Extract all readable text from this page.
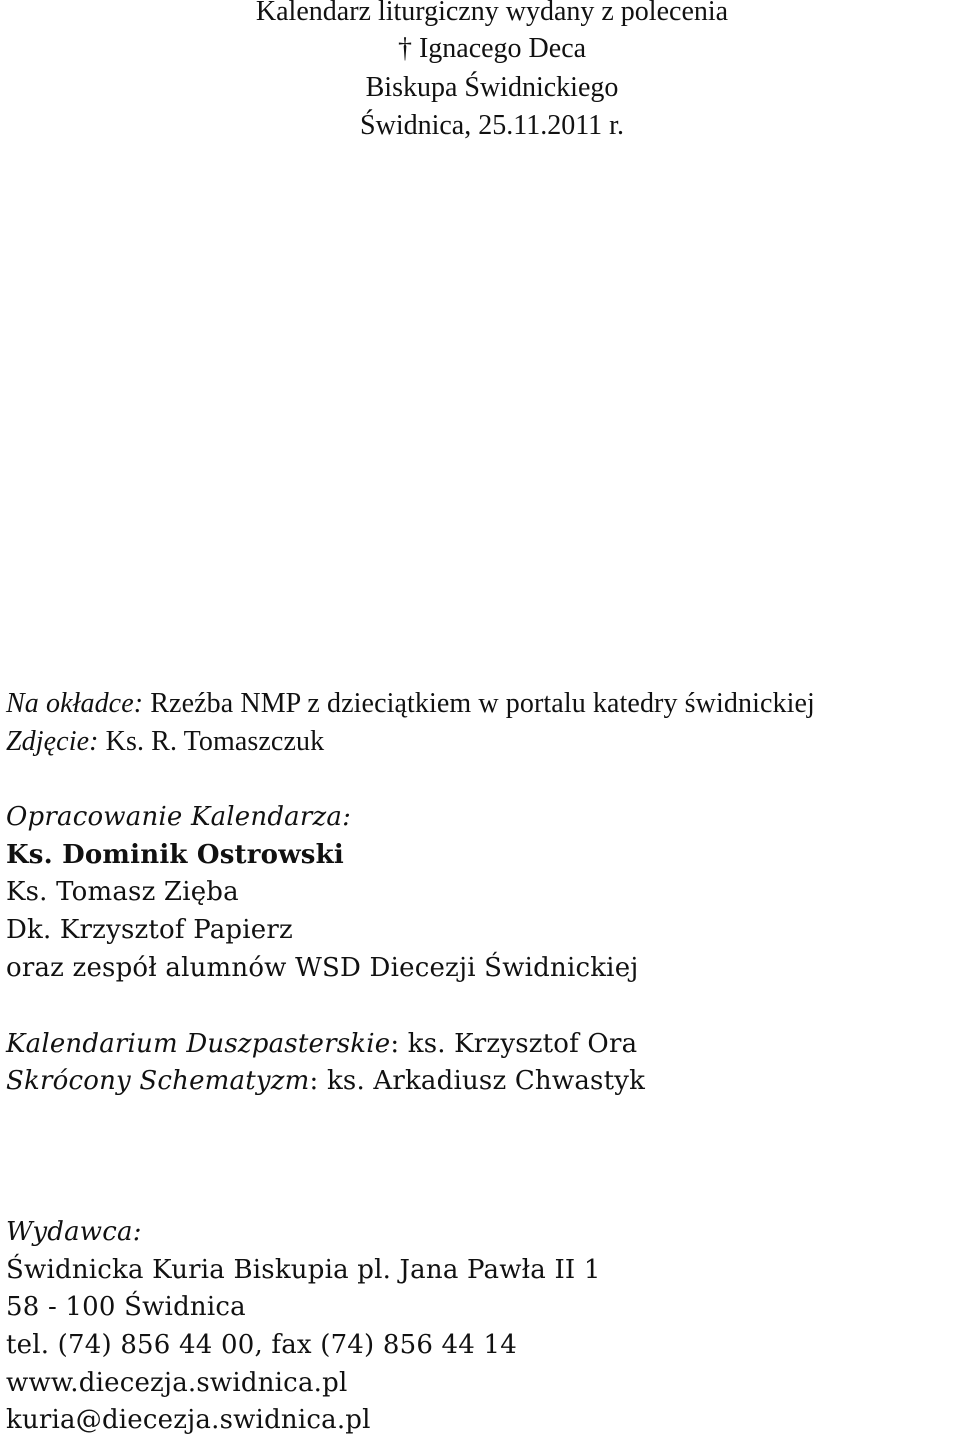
Kalendarz liturgiczny wydany z polecenia
† Ignacego Deca
Biskupa Świdnickiego
Świdnica, 25.11.2011 r.
Na okładce: Rzeźba NMP z dzieciątkiem w portalu katedry świdnickiej
Zdjęcie: Ks. R. Tomaszczuk
Opracowanie Kalendarza:
Ks. Dominik Ostrowski
Ks. Tomasz Zięba
Dk. Krzysztof Papierz
oraz zespół alumnów WSD Diecezji Świdnickiej
Kalendarium Duszpasterskie: ks. Krzysztof Ora
Skrócony Schematyzm: ks. Arkadiusz Chwastyk
Wydawca:
Świdnicka Kuria Biskupia pl. Jana Pawła II 1
58 - 100 Świdnica
tel. (74) 856 44 00, fax (74) 856 44 14
www.diecezja.swidnica.pl
kuria@diecezja.swidnica.pl
